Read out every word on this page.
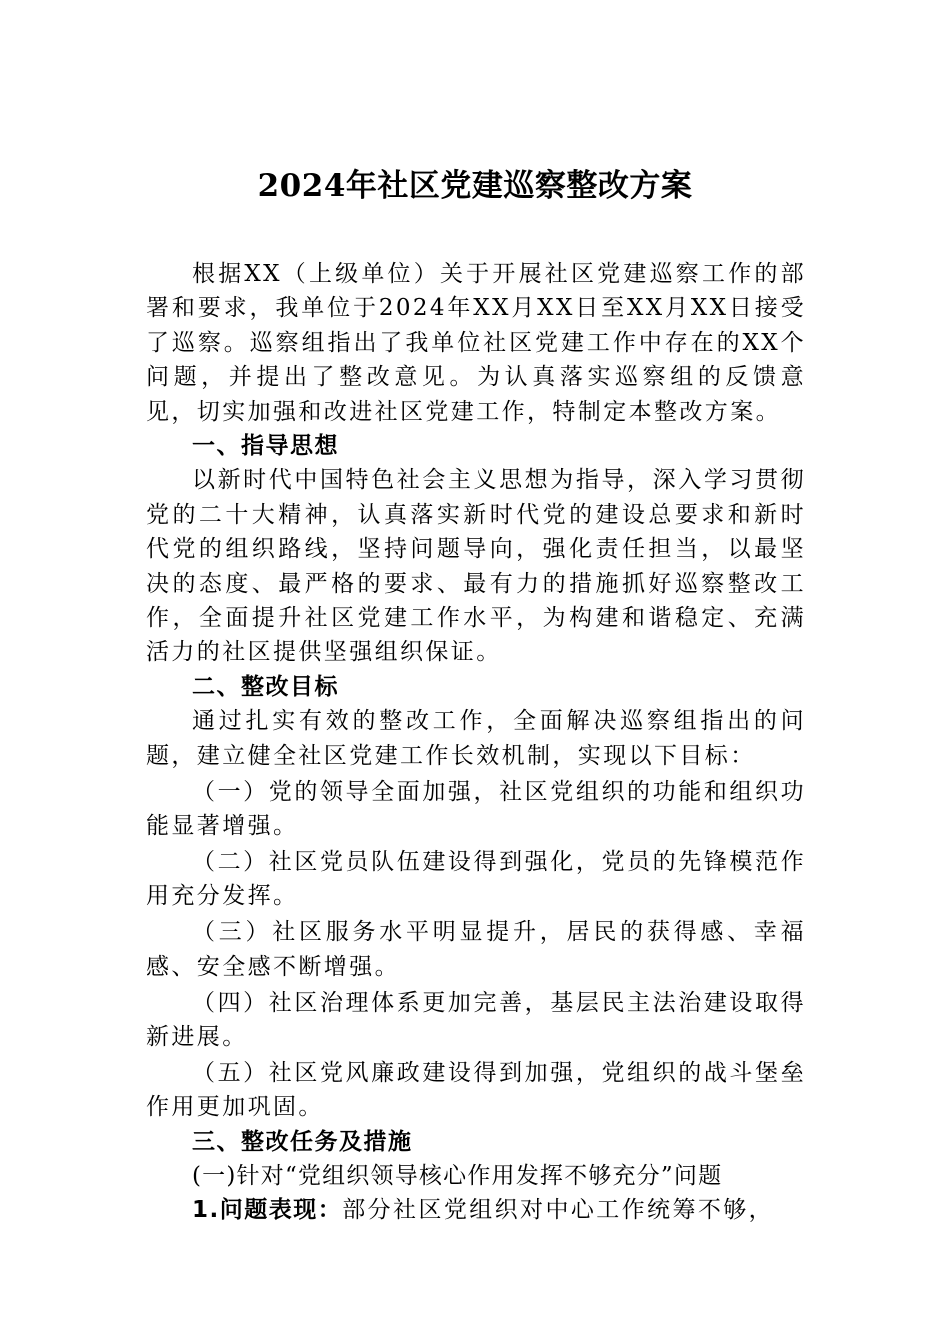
2024年社区党建巡察整改方案

根据XX（上级单位）关于开展社区党建巡察工作的部署和要求，我单位于2024年XX月XX日至XX月XX日接受了巡察。巡察组指出了我单位社区党建工作中存在的XX个问题，并提出了整改意见。为认真落实巡察组的反馈意见，切实加强和改进社区党建工作，特制定本整改方案。

一、指导思想

以新时代中国特色社会主义思想为指导，深入学习贯彻党的二十大精神，认真落实新时代党的建设总要求和新时代党的组织路线，坚持问题导向，强化责任担当，以最坚决的态度、最严格的要求、最有力的措施抓好巡察整改工作，全面提升社区党建工作水平，为构建和谐稳定、充满活力的社区提供坚强组织保证。

二、整改目标

通过扎实有效的整改工作，全面解决巡察组指出的问题，建立健全社区党建工作长效机制，实现以下目标：

（一）党的领导全面加强，社区党组织的功能和组织功能显著增强。

（二）社区党员队伍建设得到强化，党员的先锋模范作用充分发挥。

（三）社区服务水平明显提升，居民的获得感、幸福感、安全感不断增强。

（四）社区治理体系更加完善，基层民主法治建设取得新进展。

（五）社区党风廉政建设得到加强，党组织的战斗堡垒作用更加巩固。

三、整改任务及措施

(一)针对“党组织领导核心作用发挥不够充分”问题

1.问题表现：部分社区党组织对中心工作统筹不够，
